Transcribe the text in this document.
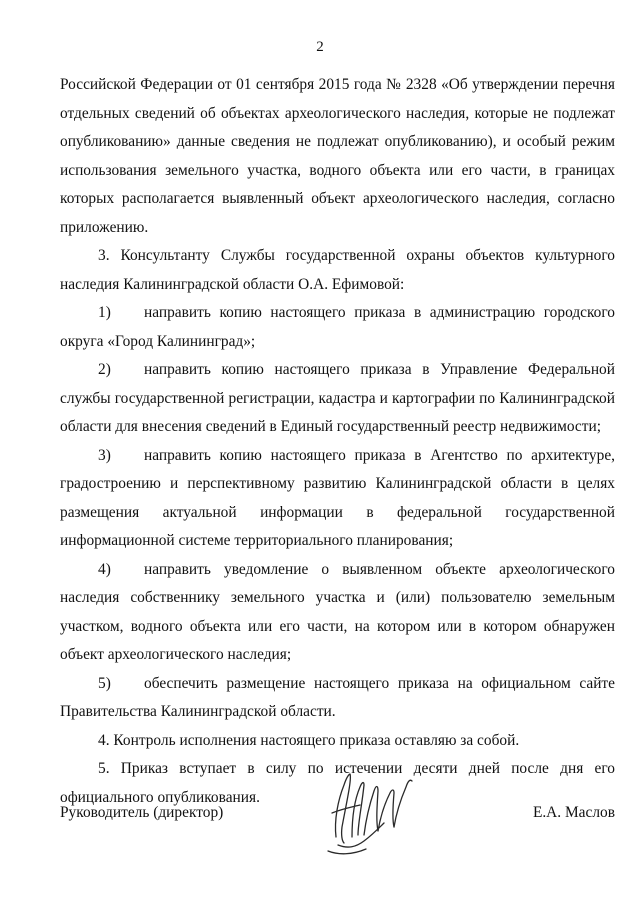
2

Российской Федерации от 01 сентября 2015 года № 2328 «Об утверждении перечня отдельных сведений об объектах археологического наследия, которые не подлежат опубликованию» данные сведения не подлежат опубликованию), и особый режим использования земельного участка, водного объекта или его части, в границах которых располагается выявленный объект археологического наследия, согласно приложению.

3. Консультанту Службы государственной охраны объектов культурного наследия Калининградской области О.А. Ефимовой:

1) направить копию настоящего приказа в администрацию городского округа «Город Калининград»;

2) направить копию настоящего приказа в Управление Федеральной службы государственной регистрации, кадастра и картографии по Калининградской области для внесения сведений в Единый государственный реестр недвижимости;

3) направить копию настоящего приказа в Агентство по архитектуре, градостроению и перспективному развитию Калининградской области в целях размещения актуальной информации в федеральной государственной информационной системе территориального планирования;

4) направить уведомление о выявленном объекте археологического наследия собственнику земельного участка и (или) пользователю земельным участком, водного объекта или его части, на котором или в котором обнаружен объект археологического наследия;

5) обеспечить размещение настоящего приказа на официальном сайте Правительства Калининградской области.

4. Контроль исполнения настоящего приказа оставляю за собой.

5. Приказ вступает в силу по истечении десяти дней после дня его официального опубликования.

Руководитель (директор)	Е.А. Маслов
